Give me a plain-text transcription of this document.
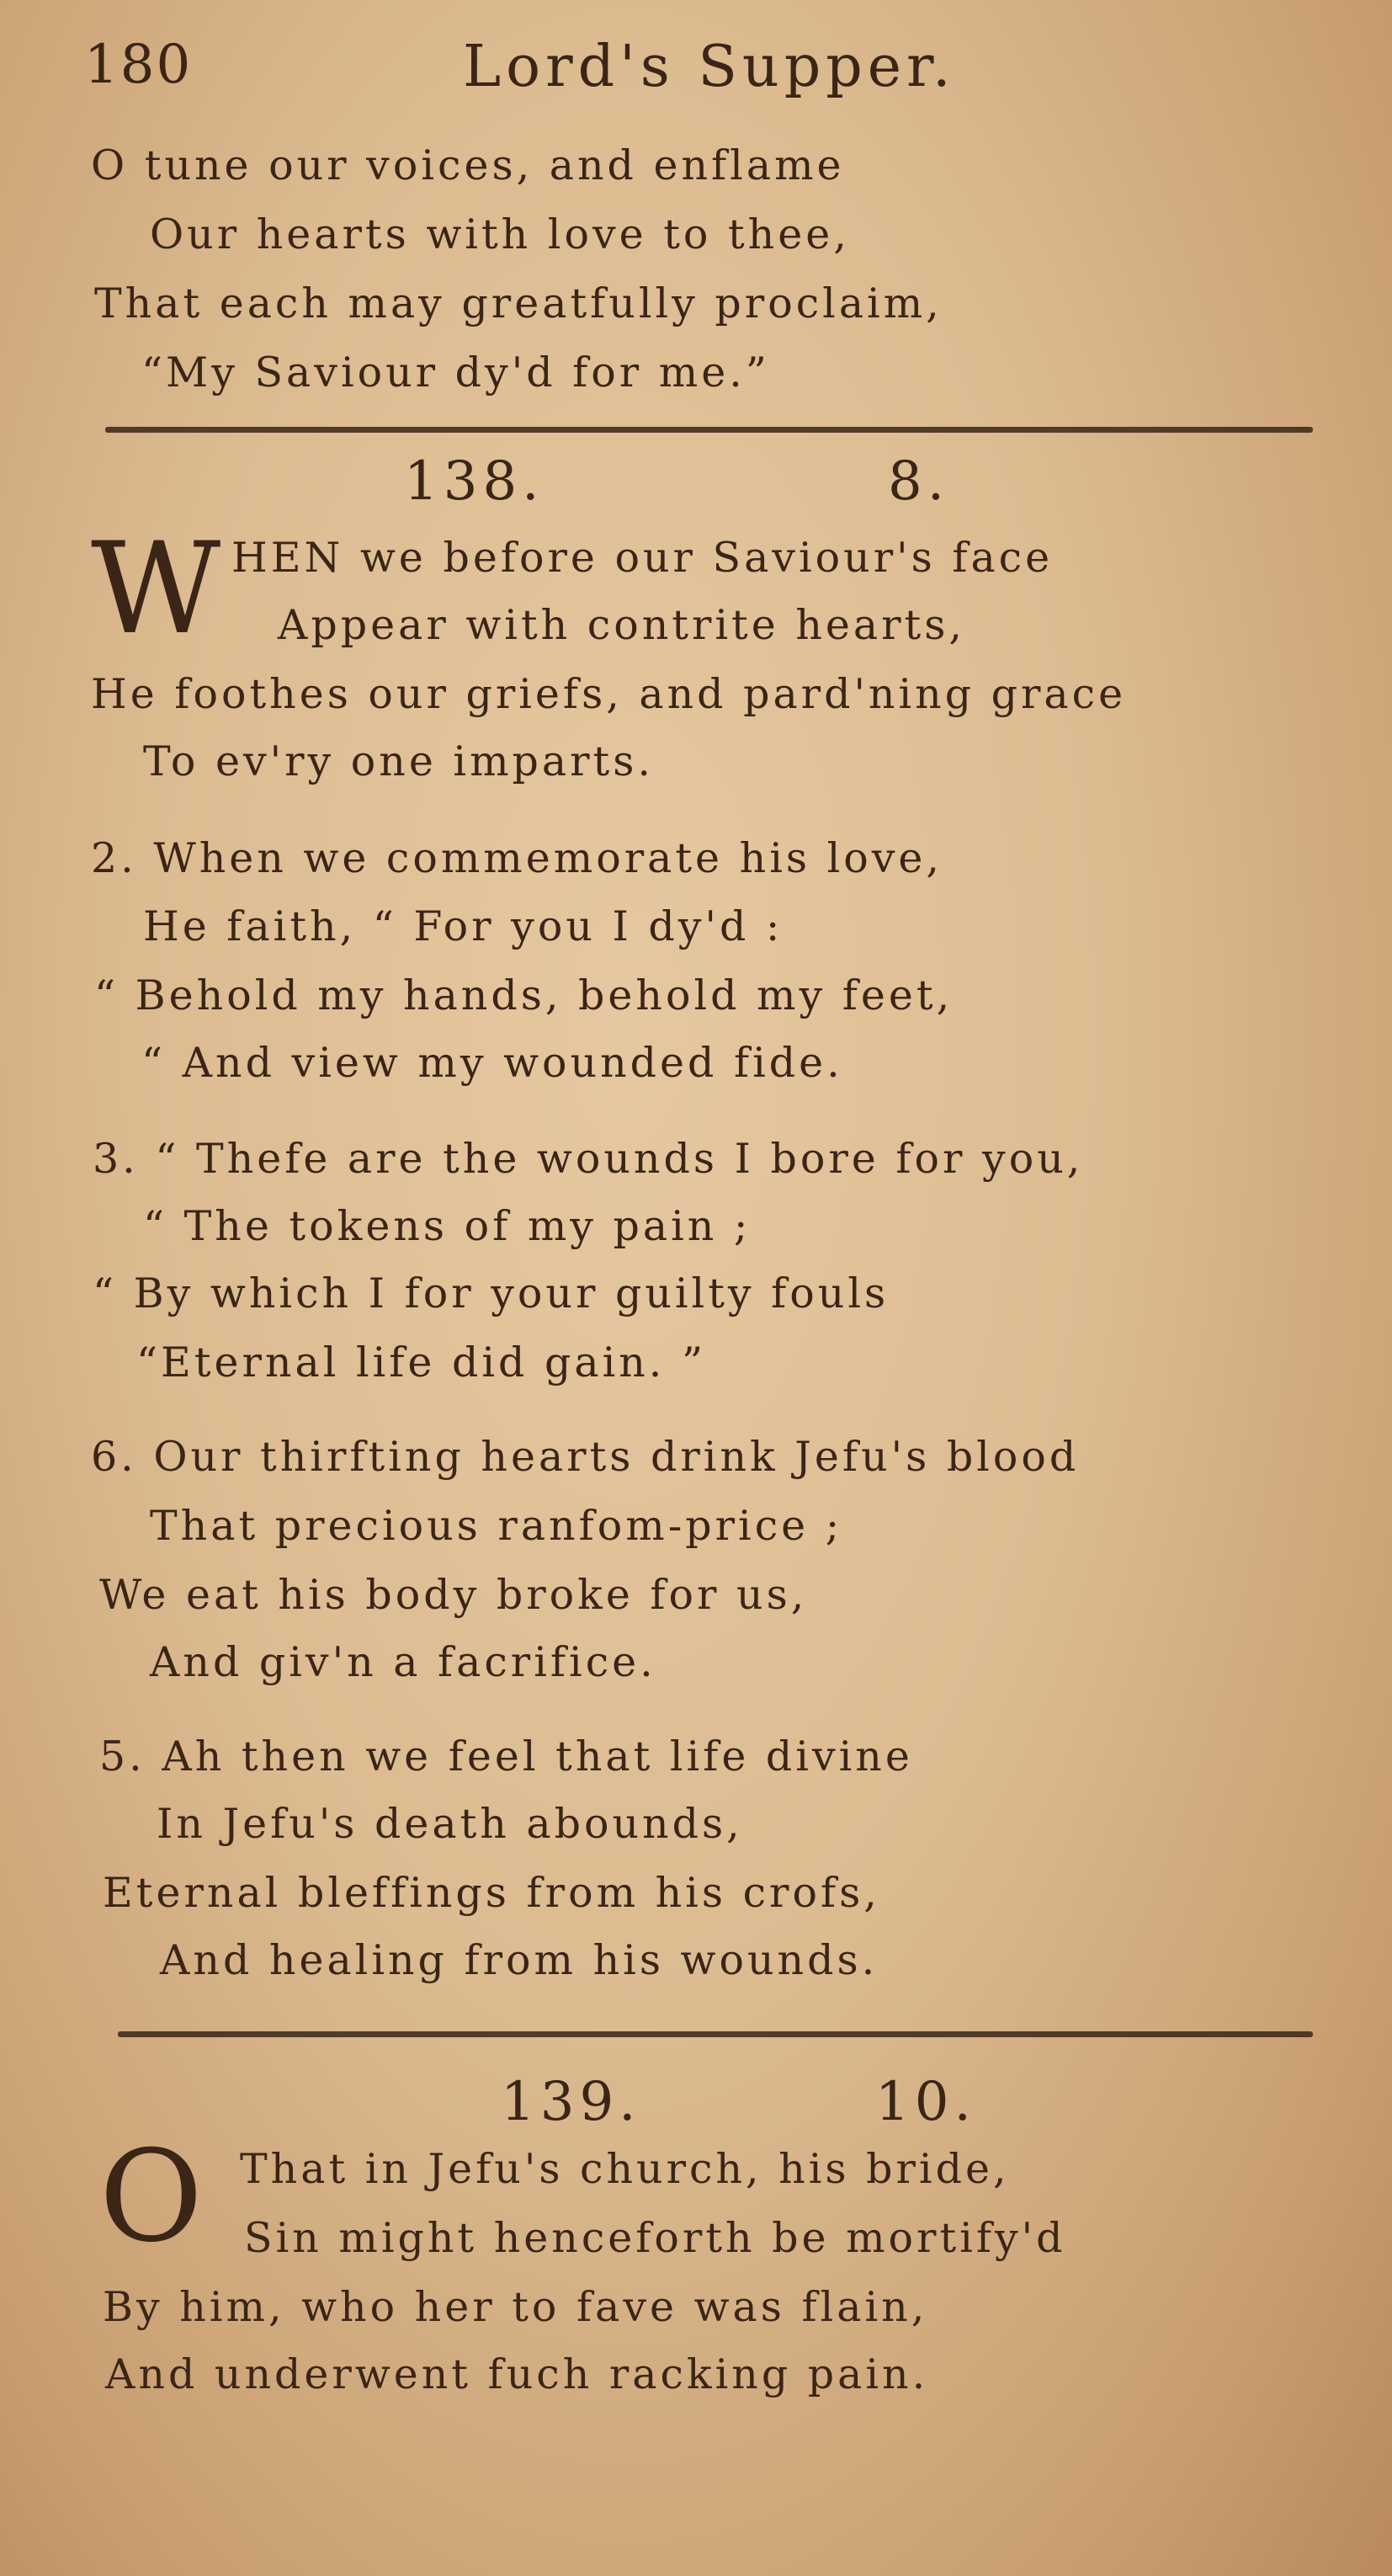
180	Lord's Supper.
O tune our voices, and enflame
Our hearts with love to thee,
That each may greatfully proclaim,
“My Saviour dy'd for me.”
138.	8.
W HEN we before our Saviour's face
Appear with contrite hearts,
He foothes our griefs, and pard'ning grace
To ev'ry one imparts.
2. When we commemorate his love,
He faith, “ For you I dy'd :
“ Behold my hands, behold my feet,
“ And view my wounded fide.
3. “ Thefe are the wounds I bore for you,
“ The tokens of my pain ;
“ By which I for your guilty fouls
“Eternal life did gain. ”
6. Our thirfting hearts drink Jefu's blood
That precious ranfom-price ;
We eat his body broke for us,
And giv'n a facrifice.
5. Ah then we feel that life divine
In Jefu's death abounds,
Eternal bleffings from his crofs,
And healing from his wounds.
139.	10.
O That in Jefu's church, his bride,
Sin might henceforth be mortify'd
By him, who her to fave was flain,
And underwent fuch racking pain.
